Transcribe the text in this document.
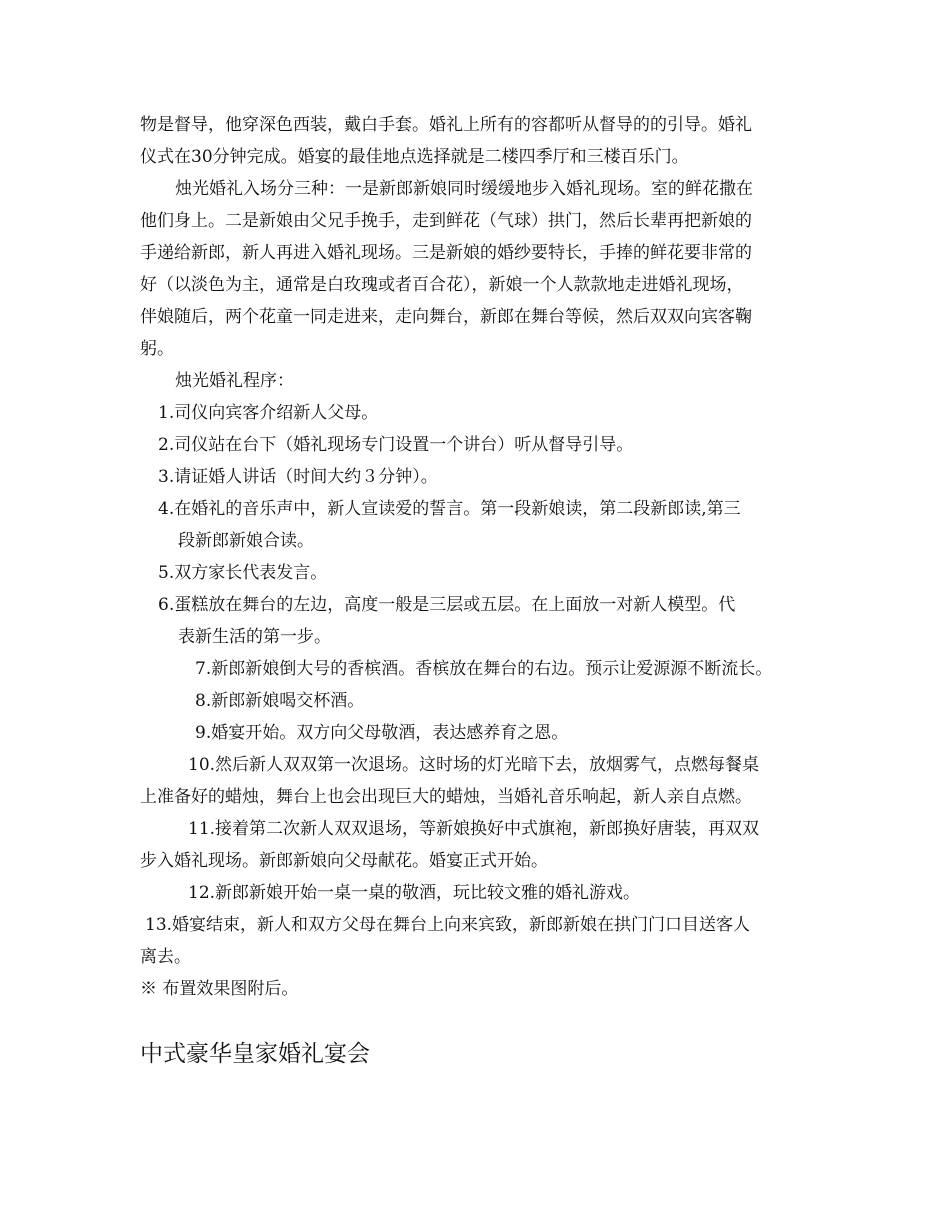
物是督导，他穿深色西装，戴白手套。婚礼上所有的容都听从督导的的引导。婚礼
仪式在30分钟完成。婚宴的最佳地点选择就是二楼四季厅和三楼百乐门。
烛光婚礼入场分三种：一是新郎新娘同时缓缓地步入婚礼现场。室的鲜花撒在
他们身上。二是新娘由父兄手挽手，走到鲜花（气球）拱门，然后长辈再把新娘的
手递给新郎，新人再进入婚礼现场。三是新娘的婚纱要特长，手捧的鲜花要非常的
好（以淡色为主，通常是白玫瑰或者百合花），新娘一个人款款地走进婚礼现场，
伴娘随后，两个花童一同走进来，走向舞台，新郎在舞台等候，然后双双向宾客鞠
躬。
烛光婚礼程序：
1.司仪向宾客介绍新人父母。
2.司仪站在台下（婚礼现场专门设置一个讲台）听从督导引导。
3.请证婚人讲话（时间大约３分钟）。
4.在婚礼的音乐声中，新人宣读爱的誓言。第一段新娘读，第二段新郎读,第三
段新郎新娘合读。
5.双方家长代表发言。
6.蛋糕放在舞台的左边，高度一般是三层或五层。在上面放一对新人模型。代
表新生活的第一步。
7.新郎新娘倒大号的香槟酒。香槟放在舞台的右边。预示让爱源源不断流长。
8.新郎新娘喝交杯酒。
9.婚宴开始。双方向父母敬酒，表达感养育之恩。
10.然后新人双双第一次退场。这时场的灯光暗下去，放烟雾气，点燃每餐桌
上准备好的蜡烛，舞台上也会出现巨大的蜡烛，当婚礼音乐响起，新人亲自点燃。
11.接着第二次新人双双退场，等新娘换好中式旗袍，新郎换好唐装，再双双
步入婚礼现场。新郎新娘向父母献花。婚宴正式开始。
12.新郎新娘开始一桌一桌的敬酒，玩比较文雅的婚礼游戏。
13.婚宴结束，新人和双方父母在舞台上向来宾致，新郎新娘在拱门门口目送客人
离去。
※ 布置效果图附后。
中式豪华皇家婚礼宴会
